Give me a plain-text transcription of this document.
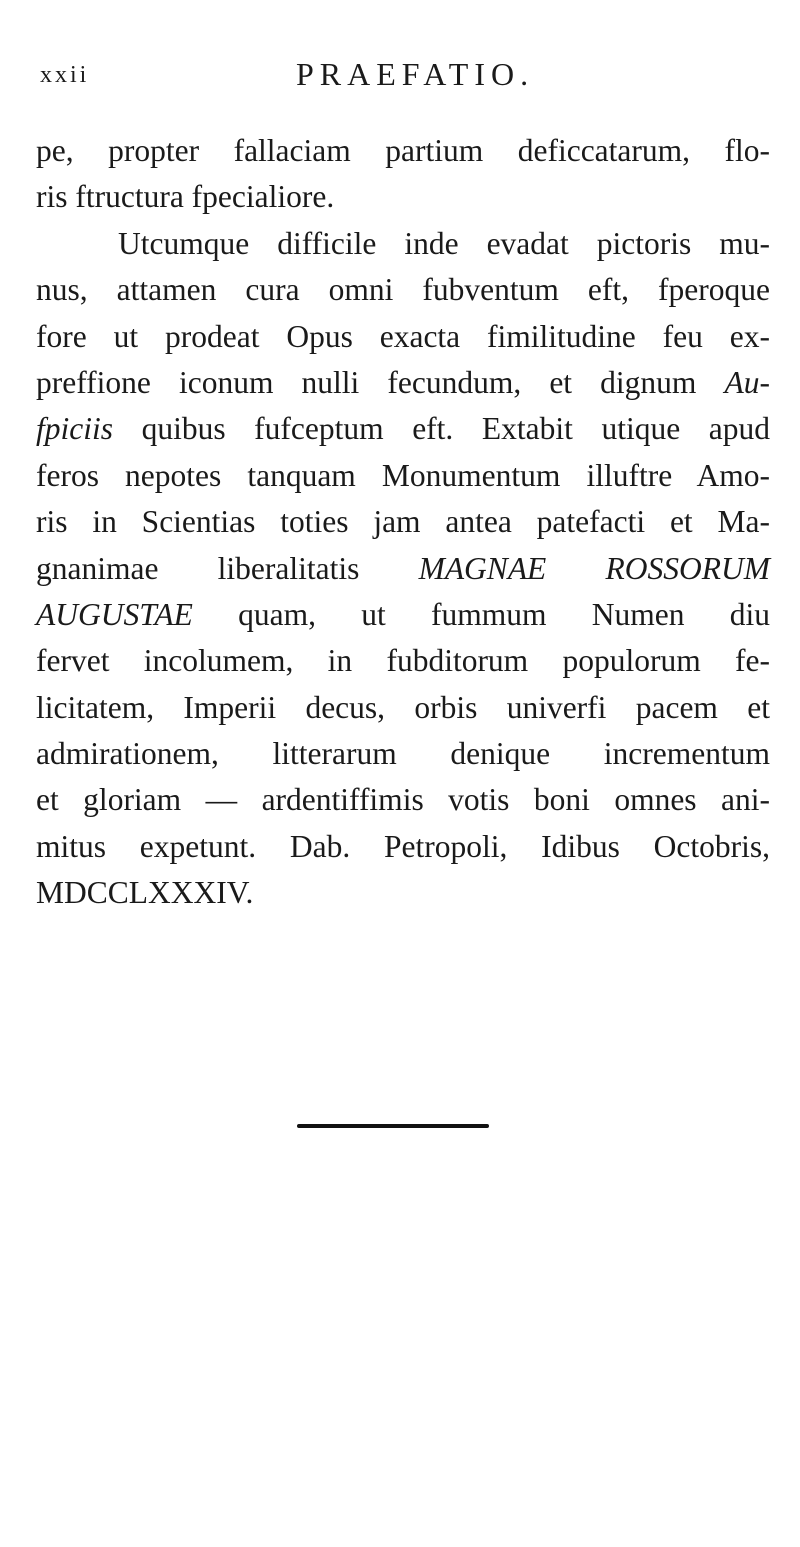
xxii	PRAEFATIO.
pe, propter fallaciam partium deficcatarum, flo-
ris ftructura fpecialiore.
Utcumque difficile inde evadat pictoris mu-
nus, attamen cura omni fubventum eft, fperoque
fore ut prodeat Opus exacta fimilitudine feu ex-
preffione iconum nulli fecundum, et dignum Au-
fpiciis quibus fufceptum eft. Extabit utique apud
feros nepotes tanquam Monumentum illuftre Amo-
ris in Scientias toties jam antea patefacti et Ma-
gnanimae liberalitatis MAGNAE ROSSORUM
AUGUSTAE quam, ut fummum Numen diu
fervet incolumem, in fubditorum populorum fe-
licitatem, Imperii decus, orbis univerfi pacem et
admirationem, litterarum denique incrementum
et gloriam — ardentiffimis votis boni omnes ani-
mitus expetunt. Dab. Petropoli, Idibus Octobris,
MDCCLXXXIV.
